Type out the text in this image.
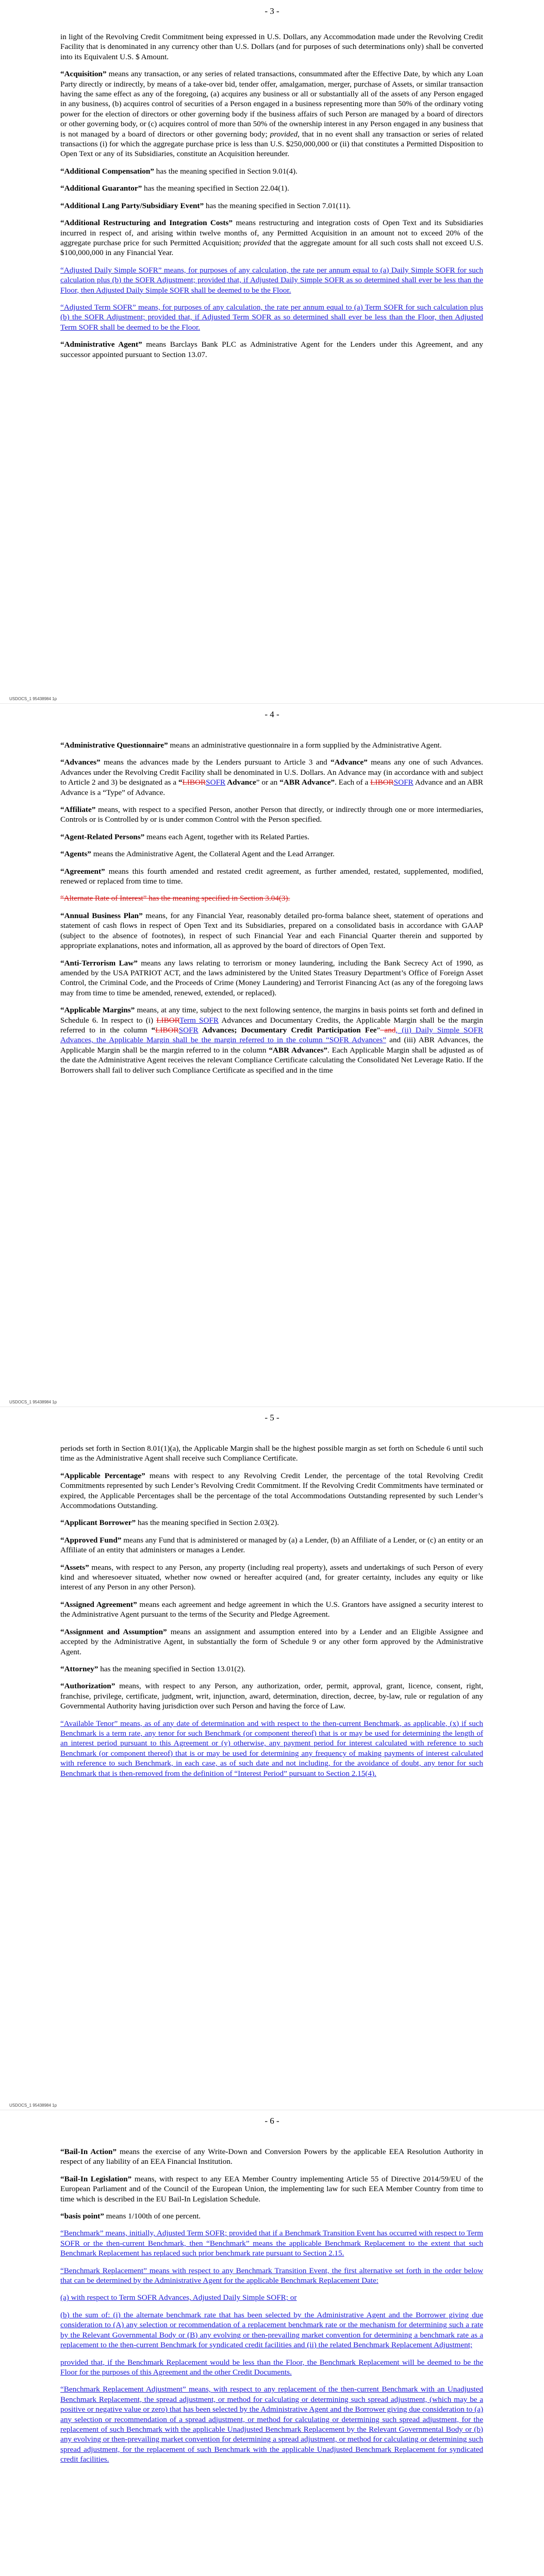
- 3 -

in light of the Revolving Credit Commitment being expressed in U.S. Dollars, any Accommodation made under the Revolving Credit Facility that is denominated in any currency other than U.S. Dollars (and for purposes of such determinations only) shall be converted into its Equivalent U.S. $ Amount.

“Acquisition” means any transaction, or any series of related transactions, consummated after the Effective Date, by which any Loan Party directly or indirectly, by means of a take-over bid, tender offer, amalgamation, merger, purchase of Assets, or similar transaction having the same effect as any of the foregoing, (a) acquires any business or all or substantially all of the assets of any Person engaged in any business, (b) acquires control of securities of a Person engaged in a business representing more than 50% of the ordinary voting power for the election of directors or other governing body if the business affairs of such Person are managed by a board of directors or other governing body, or (c) acquires control of more than 50% of the ownership interest in any Person engaged in any business that is not managed by a board of directors or other governing body; provided, that in no event shall any transaction or series of related transactions (i) for which the aggregate purchase price is less than U.S. $250,000,000 or (ii) that constitutes a Permitted Disposition to Open Text or any of its Subsidiaries, constitute an Acquisition hereunder.

“Additional Compensation” has the meaning specified in Section 9.01(4).

“Additional Guarantor” has the meaning specified in Section 22.04(1).

“Additional Lang Party/Subsidiary Event” has the meaning specified in Section 7.01(11).

“Additional Restructuring and Integration Costs” means restructuring and integration costs of Open Text and its Subsidiaries incurred in respect of, and arising within twelve months of, any Permitted Acquisition in an amount not to exceed 20% of the aggregate purchase price for such Permitted Acquisition; provided that the aggregate amount for all such costs shall not exceed U.S. $100,000,000 in any Financial Year.

“Adjusted Daily Simple SOFR” means, for purposes of any calculation, the rate per annum equal to (a) Daily Simple SOFR for such calculation plus (b) the SOFR Adjustment; provided that, if Adjusted Daily Simple SOFR as so determined shall ever be less than the Floor, then Adjusted Daily Simple SOFR shall be deemed to be the Floor.

“Adjusted Term SOFR” means, for purposes of any calculation, the rate per annum equal to (a) Term SOFR for such calculation plus (b) the SOFR Adjustment; provided that, if Adjusted Term SOFR as so determined shall ever be less than the Floor, then Adjusted Term SOFR shall be deemed to be the Floor.

“Administrative Agent” means Barclays Bank PLC as Administrative Agent for the Lenders under this Agreement, and any successor appointed pursuant to Section 13.07.

USDOCS_1 95438984 1p
- 4 -

“Administrative Questionnaire” means an administrative questionnaire in a form supplied by the Administrative Agent.

“Advances” means the advances made by the Lenders pursuant to Article 3 and “Advance” means any one of such Advances. Advances under the Revolving Credit Facility shall be denominated in U.S. Dollars. An Advance may (in accordance with and subject to Article 2 and 3) be designated as a “LIBORSOFR Advance” or an “ABR Advance”. Each of a LIBORSOFR Advance and an ABR Advance is a “Type” of Advance.

“Affiliate” means, with respect to a specified Person, another Person that directly, or indirectly through one or more intermediaries, Controls or is Controlled by or is under common Control with the Person specified.

“Agent-Related Persons” means each Agent, together with its Related Parties.

“Agents” means the Administrative Agent, the Collateral Agent and the Lead Arranger.

“Agreement” means this fourth amended and restated credit agreement, as further amended, restated, supplemented, modified, renewed or replaced from time to time.

“Alternate Rate of Interest” has the meaning specified in Section 3.04(3).

“Annual Business Plan” means, for any Financial Year, reasonably detailed pro-forma balance sheet, statement of operations and statement of cash flows in respect of Open Text and its Subsidiaries, prepared on a consolidated basis in accordance with GAAP (subject to the absence of footnotes), in respect of such Financial Year and each Financial Quarter therein and supported by appropriate explanations, notes and information, all as approved by the board of directors of Open Text.

“Anti-Terrorism Law” means any laws relating to terrorism or money laundering, including the Bank Secrecy Act of 1990, as amended by the USA PATRIOT ACT, and the laws administered by the United States Treasury Department’s Office of Foreign Asset Control, the Criminal Code, and the Proceeds of Crime (Money Laundering) and Terrorist Financing Act (as any of the foregoing laws may from time to time be amended, renewed, extended, or replaced).

“Applicable Margins” means, at any time, subject to the next following sentence, the margins in basis points set forth and defined in Schedule 6. In respect to (i) LIBORTerm SOFR Advances and Documentary Credits, the Applicable Margin shall be the margin referred to in the column “LIBORSOFR Advances; Documentary Credit Participation Fee” and, (ii) Daily Simple SOFR Advances, the Applicable Margin shall be the margin referred to in the column “SOFR Advances” and (iii) ABR Advances, the Applicable Margin shall be the margin referred to in the column “ABR Advances”. Each Applicable Margin shall be adjusted as of the date the Administrative Agent receives the relevant Compliance Certificate calculating the Consolidated Net Leverage Ratio. If the Borrowers shall fail to deliver such Compliance Certificate as specified and in the time

USDOCS_1 95438984 1p
- 5 -

periods set forth in Section 8.01(1)(a), the Applicable Margin shall be the highest possible margin as set forth on Schedule 6 until such time as the Administrative Agent shall receive such Compliance Certificate.

“Applicable Percentage” means with respect to any Revolving Credit Lender, the percentage of the total Revolving Credit Commitments represented by such Lender’s Revolving Credit Commitment. If the Revolving Credit Commitments have terminated or expired, the Applicable Percentages shall be the percentage of the total Accommodations Outstanding represented by such Lender’s Accommodations Outstanding.

“Applicant Borrower” has the meaning specified in Section 2.03(2).

“Approved Fund” means any Fund that is administered or managed by (a) a Lender, (b) an Affiliate of a Lender, or (c) an entity or an Affiliate of an entity that administers or manages a Lender.

“Assets” means, with respect to any Person, any property (including real property), assets and undertakings of such Person of every kind and wheresoever situated, whether now owned or hereafter acquired (and, for greater certainty, includes any equity or like interest of any Person in any other Person).

“Assigned Agreement” means each agreement and hedge agreement in which the U.S. Grantors have assigned a security interest to the Administrative Agent pursuant to the terms of the Security and Pledge Agreement.

“Assignment and Assumption” means an assignment and assumption entered into by a Lender and an Eligible Assignee and accepted by the Administrative Agent, in substantially the form of Schedule 9 or any other form approved by the Administrative Agent.

“Attorney” has the meaning specified in Section 13.01(2).

“Authorization” means, with respect to any Person, any authorization, order, permit, approval, grant, licence, consent, right, franchise, privilege, certificate, judgment, writ, injunction, award, determination, direction, decree, by-law, rule or regulation of any Governmental Authority having jurisdiction over such Person and having the force of Law.

“Available Tenor” means, as of any date of determination and with respect to the then-current Benchmark, as applicable, (x) if such Benchmark is a term rate, any tenor for such Benchmark (or component thereof) that is or may be used for determining the length of an interest period pursuant to this Agreement or (y) otherwise, any payment period for interest calculated with reference to such Benchmark (or component thereof) that is or may be used for determining any frequency of making payments of interest calculated with reference to such Benchmark, in each case, as of such date and not including, for the avoidance of doubt, any tenor for such Benchmark that is then-removed from the definition of “Interest Period” pursuant to Section 2.15(4).

USDOCS_1 95438984 1p
- 6 -

“Bail-In Action” means the exercise of any Write-Down and Conversion Powers by the applicable EEA Resolution Authority in respect of any liability of an EEA Financial Institution.

“Bail-In Legislation” means, with respect to any EEA Member Country implementing Article 55 of Directive 2014/59/EU of the European Parliament and of the Council of the European Union, the implementing law for such EEA Member Country from time to time which is described in the EU Bail-In Legislation Schedule.

“basis point” means 1/100th of one percent.

“Benchmark” means, initially, Adjusted Term SOFR; provided that if a Benchmark Transition Event has occurred with respect to Term SOFR or the then-current Benchmark, then “Benchmark” means the applicable Benchmark Replacement to the extent that such Benchmark Replacement has replaced such prior benchmark rate pursuant to Section 2.15.

“Benchmark Replacement” means with respect to any Benchmark Transition Event, the first alternative set forth in the order below that can be determined by the Administrative Agent for the applicable Benchmark Replacement Date:

(a) with respect to Term SOFR Advances, Adjusted Daily Simple SOFR; or

(b) the sum of: (i) the alternate benchmark rate that has been selected by the Administrative Agent and the Borrower giving due consideration to (A) any selection or recommendation of a replacement benchmark rate or the mechanism for determining such a rate by the Relevant Governmental Body or (B) any evolving or then-prevailing market convention for determining a benchmark rate as a replacement to the then-current Benchmark for syndicated credit facilities and (ii) the related Benchmark Replacement Adjustment;

provided that, if the Benchmark Replacement would be less than the Floor, the Benchmark Replacement will be deemed to be the Floor for the purposes of this Agreement and the other Credit Documents.

“Benchmark Replacement Adjustment” means, with respect to any replacement of the then-current Benchmark with an Unadjusted Benchmark Replacement, the spread adjustment, or method for calculating or determining such spread adjustment, (which may be a positive or negative value or zero) that has been selected by the Administrative Agent and the Borrower giving due consideration to (a) any selection or recommendation of a spread adjustment, or method for calculating or determining such spread adjustment, for the replacement of such Benchmark with the applicable Unadjusted Benchmark Replacement by the Relevant Governmental Body or (b) any evolving or then-prevailing market convention for determining a spread adjustment, or method for calculating or determining such spread adjustment, for the replacement of such Benchmark with the applicable Unadjusted Benchmark Replacement for syndicated credit facilities.
